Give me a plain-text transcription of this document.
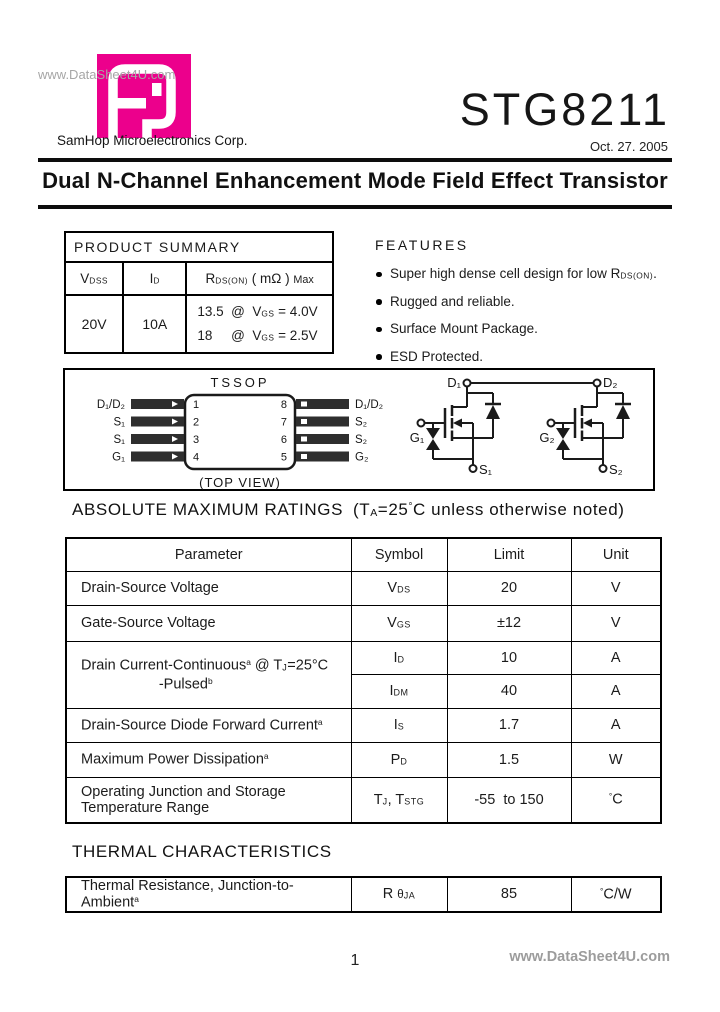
www.DataSheet4U.com
SamHop Microelectronics Corp.
STG8211
Oct. 27. 2005
Dual N-Channel Enhancement Mode Field Effect Transistor
PRODUCT SUMMARY		
VDSS	ID	RDS(ON) ( mΩ ) Max
20V	10A	13.5  @  VGS = 4.0V
18     @  VGS = 2.5V
FEATURES
Super high dense cell design for low RDS(ON).
Rugged and reliable.
Surface Mount Package.
ESD Protected.
TSSOP
1
2
3
4
8
7
6
5
D₁/D₂
S₁
S₁
G₁
D₁/D₂
S₂
S₂
G₂
(TOP VIEW)
D₁	D₂
G₁	G₂
S₁	S₂
ABSOLUTE MAXIMUM RATINGS (TA=25°C unless otherwise noted)
Parameter	Symbol	Limit	Unit
Drain-Source Voltage	VDS	20	V
Gate-Source Voltage	VGS	±12	V

Drain Current-Continuous$^a$ @ TJ=25°C
-Pulsed$^b$	ID	10	A
	IDM	40	A
Drain-Source Diode Forward Current$^a$	IS	1.7	A
Maximum Power Dissipation$^a$	PD	1.5	W

Operating Junction and Storage
Temperature Range	TJ, TSTG	-55  to 150	°C
THERMAL CHARACTERISTICS
Thermal Resistance, Junction-to-Ambient$^a$	R θJA	85	°C/W
1	www.DataSheet4U.com
